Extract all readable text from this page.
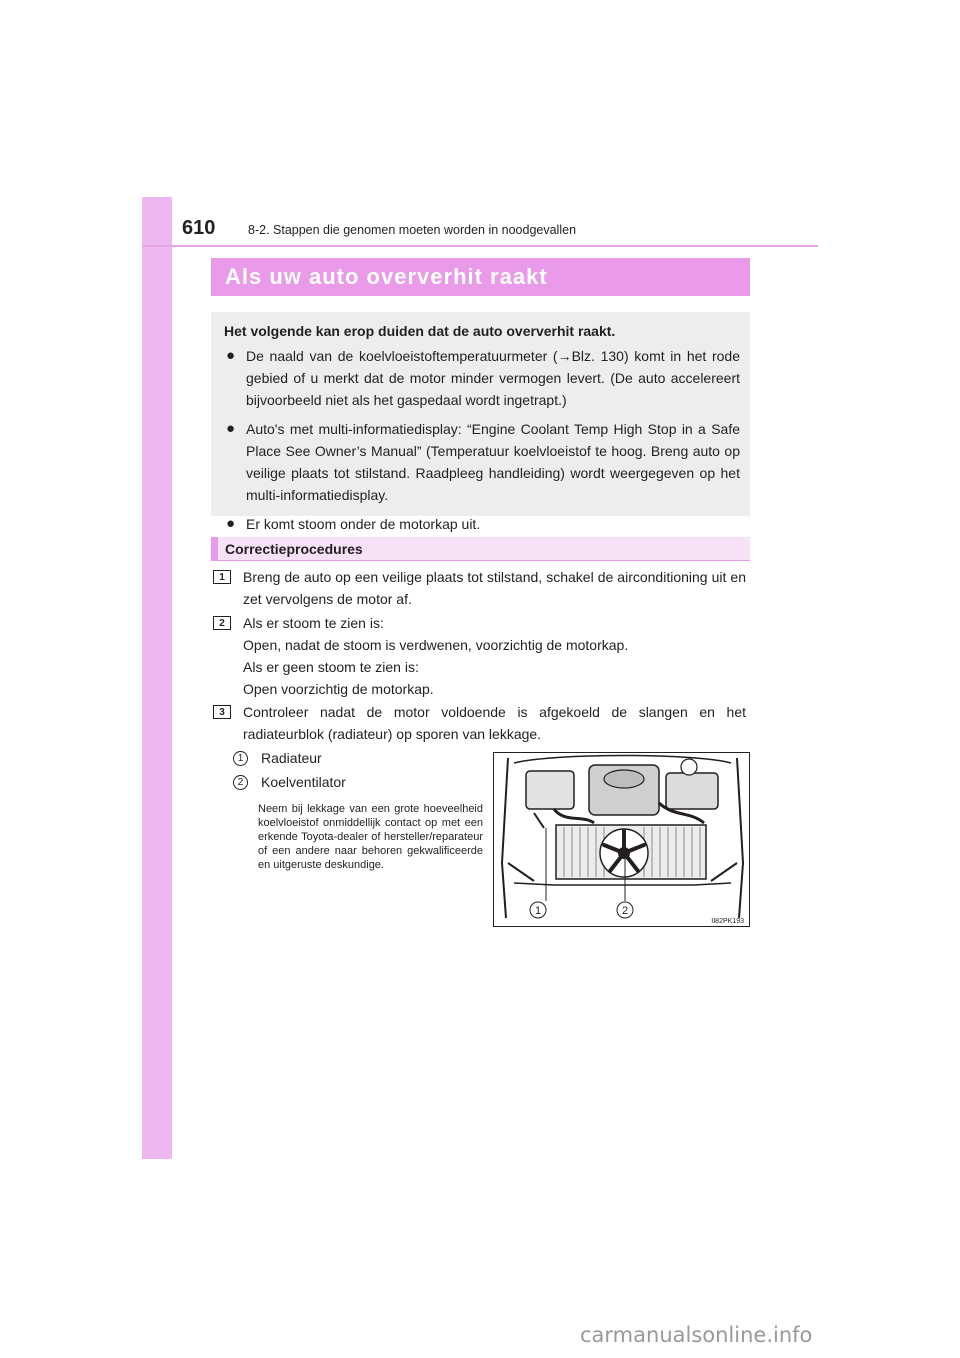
610	8-2. Stappen die genomen moeten worden in noodgevallen
Als uw auto oververhit raakt
Het volgende kan erop duiden dat de auto oververhit raakt.
● De naald van de koelvloeistoftemperatuurmeter (→Blz. 130) komt in het rode gebied of u merkt dat de motor minder vermogen levert. (De auto accelereert bijvoorbeeld niet als het gaspedaal wordt ingetrapt.)
● Auto's met multi-informatiedisplay: “Engine Coolant Temp High Stop in a Safe Place See Owner’s Manual” (Temperatuur koelvloeistof te hoog. Breng auto op veilige plaats tot stilstand. Raadpleeg handleiding) wordt weergegeven op het multi-informatiedisplay.
● Er komt stoom onder de motorkap uit.
Correctieprocedures
1	Breng de auto op een veilige plaats tot stilstand, schakel de airconditioning uit en zet vervolgens de motor af.
2	Als er stoom te zien is:
Open, nadat de stoom is verdwenen, voorzichtig de motorkap.
Als er geen stoom te zien is:
Open voorzichtig de motorkap.
3	Controleer nadat de motor voldoende is afgekoeld de slangen en het radiateurblok (radiateur) op sporen van lekkage.
1	Radiateur
2	Koelventilator
Neem bij lekkage van een grote hoeveelheid koelvloeistof onmiddellijk contact op met een erkende Toyota-dealer of hersteller/reparateur of een andere naar behoren gekwalificeerde en uitgeruste deskundige.
1	2
II82PK193
carmanualsonline.info
